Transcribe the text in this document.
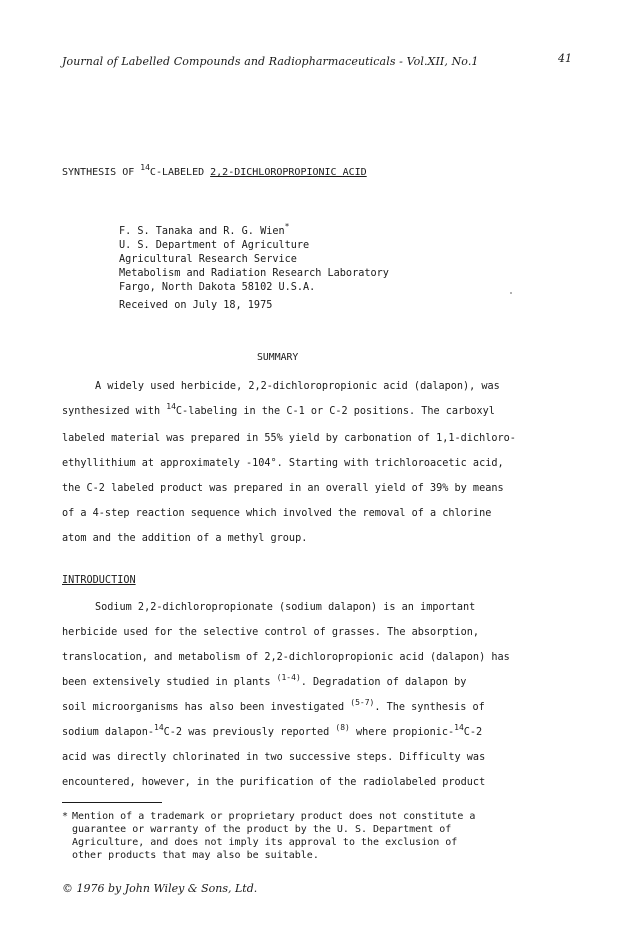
Journal of Labelled Compounds and Radiopharmaceuticals - Vol.XII, No.1	41
SYNTHESIS OF $^{14}$C-LABELED 2,2-DICHLOROPROPIONIC ACID
F. S. Tanaka and R. G. Wien*
U. S. Department of Agriculture
Agricultural Research Service
Metabolism and Radiation Research Laboratory
Fargo, North Dakota 58102 U.S.A.
Received on July 18, 1975
SUMMARY
A widely used herbicide, 2,2-dichloropropionic acid (dalapon), was
synthesized with $^{14}$C-labeling in the C-1 or C-2 positions. The carboxyl
labeled material was prepared in 55% yield by carbonation of 1,1-dichloro-
ethyllithium at approximately -104°. Starting with trichloroacetic acid,
the C-2 labeled product was prepared in an overall yield of 39% by means
of a 4-step reaction sequence which involved the removal of a chlorine
atom and the addition of a methyl group.
INTRODUCTION
Sodium 2,2-dichloropropionate (sodium dalapon) is an important
herbicide used for the selective control of grasses. The absorption,
translocation, and metabolism of 2,2-dichloropropionic acid (dalapon) has
been extensively studied in plants $^{(1-4)}$. Degradation of dalapon by
soil microorganisms has also been investigated $^{(5-7)}$. The synthesis of
sodium dalapon-$^{14}$C-2 was previously reported $^{(8)}$ where propionic-$^{14}$C-2
acid was directly chlorinated in two successive steps. Difficulty was
encountered, however, in the purification of the radiolabeled product
* Mention of a trademark or proprietary product does not constitute a
guarantee or warranty of the product by the U. S. Department of
Agriculture, and does not imply its approval to the exclusion of
other products that may also be suitable.
© 1976 by John Wiley & Sons, Ltd.
